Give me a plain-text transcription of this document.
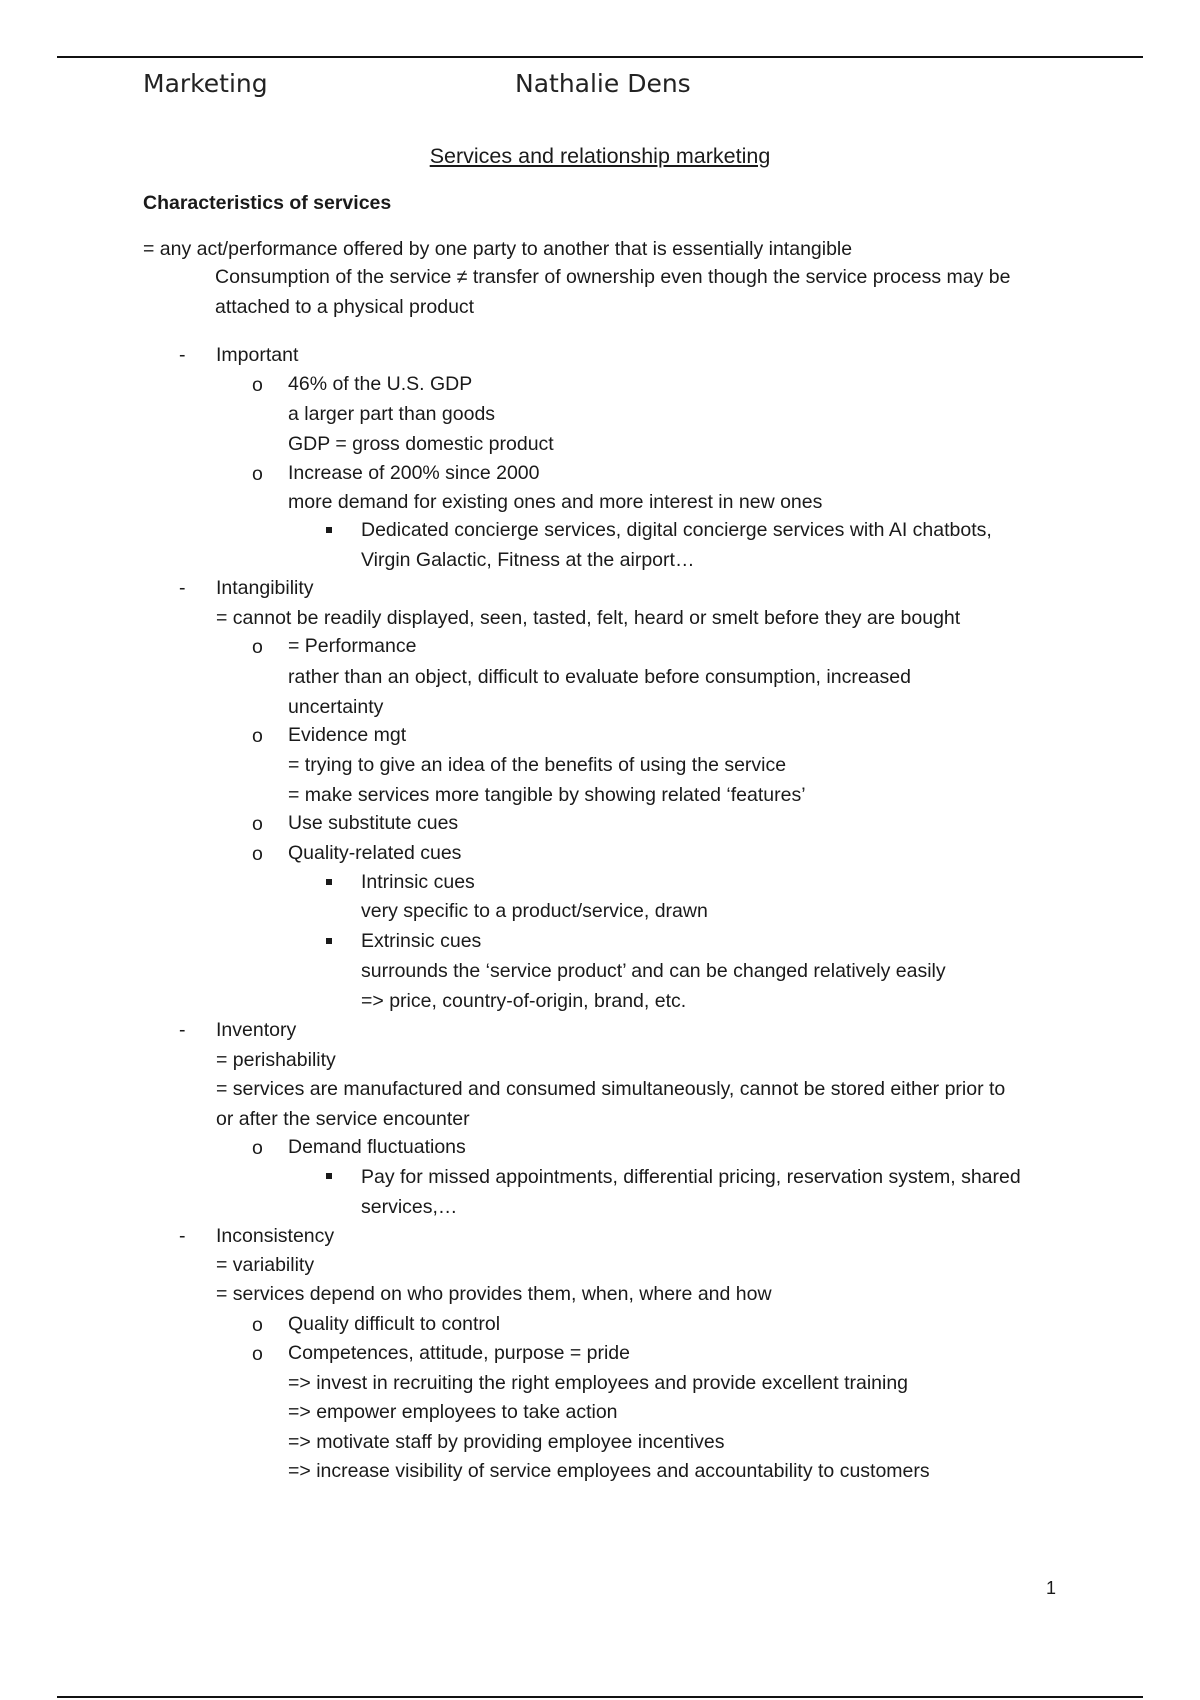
Marketing	Nathalie Dens
Services and relationship marketing
Characteristics of services
= any act/performance offered by one party to another that is essentially intangible
Consumption of the service ≠ transfer of ownership even though the service process may be
attached to a physical product
- Important
o 46% of the U.S. GDP
a larger part than goods
GDP = gross domestic product
o Increase of 200% since 2000
more demand for existing ones and more interest in new ones
Dedicated concierge services, digital concierge services with AI chatbots,
Virgin Galactic, Fitness at the airport…
- Intangibility
= cannot be readily displayed, seen, tasted, felt, heard or smelt before they are bought
o = Performance
rather than an object, difficult to evaluate before consumption, increased
uncertainty
o Evidence mgt
= trying to give an idea of the benefits of using the service
= make services more tangible by showing related ‘features’
o Use substitute cues
o Quality-related cues
Intrinsic cues
very specific to a product/service, drawn
Extrinsic cues
surrounds the ‘service product’ and can be changed relatively easily
=> price, country-of-origin, brand, etc.
- Inventory
= perishability
= services are manufactured and consumed simultaneously, cannot be stored either prior to
or after the service encounter
o Demand fluctuations
Pay for missed appointments, differential pricing, reservation system, shared
services,…
- Inconsistency
= variability
= services depend on who provides them, when, where and how
o Quality difficult to control
o Competences, attitude, purpose = pride
=> invest in recruiting the right employees and provide excellent training
=> empower employees to take action
=> motivate staff by providing employee incentives
=> increase visibility of service employees and accountability to customers
1
